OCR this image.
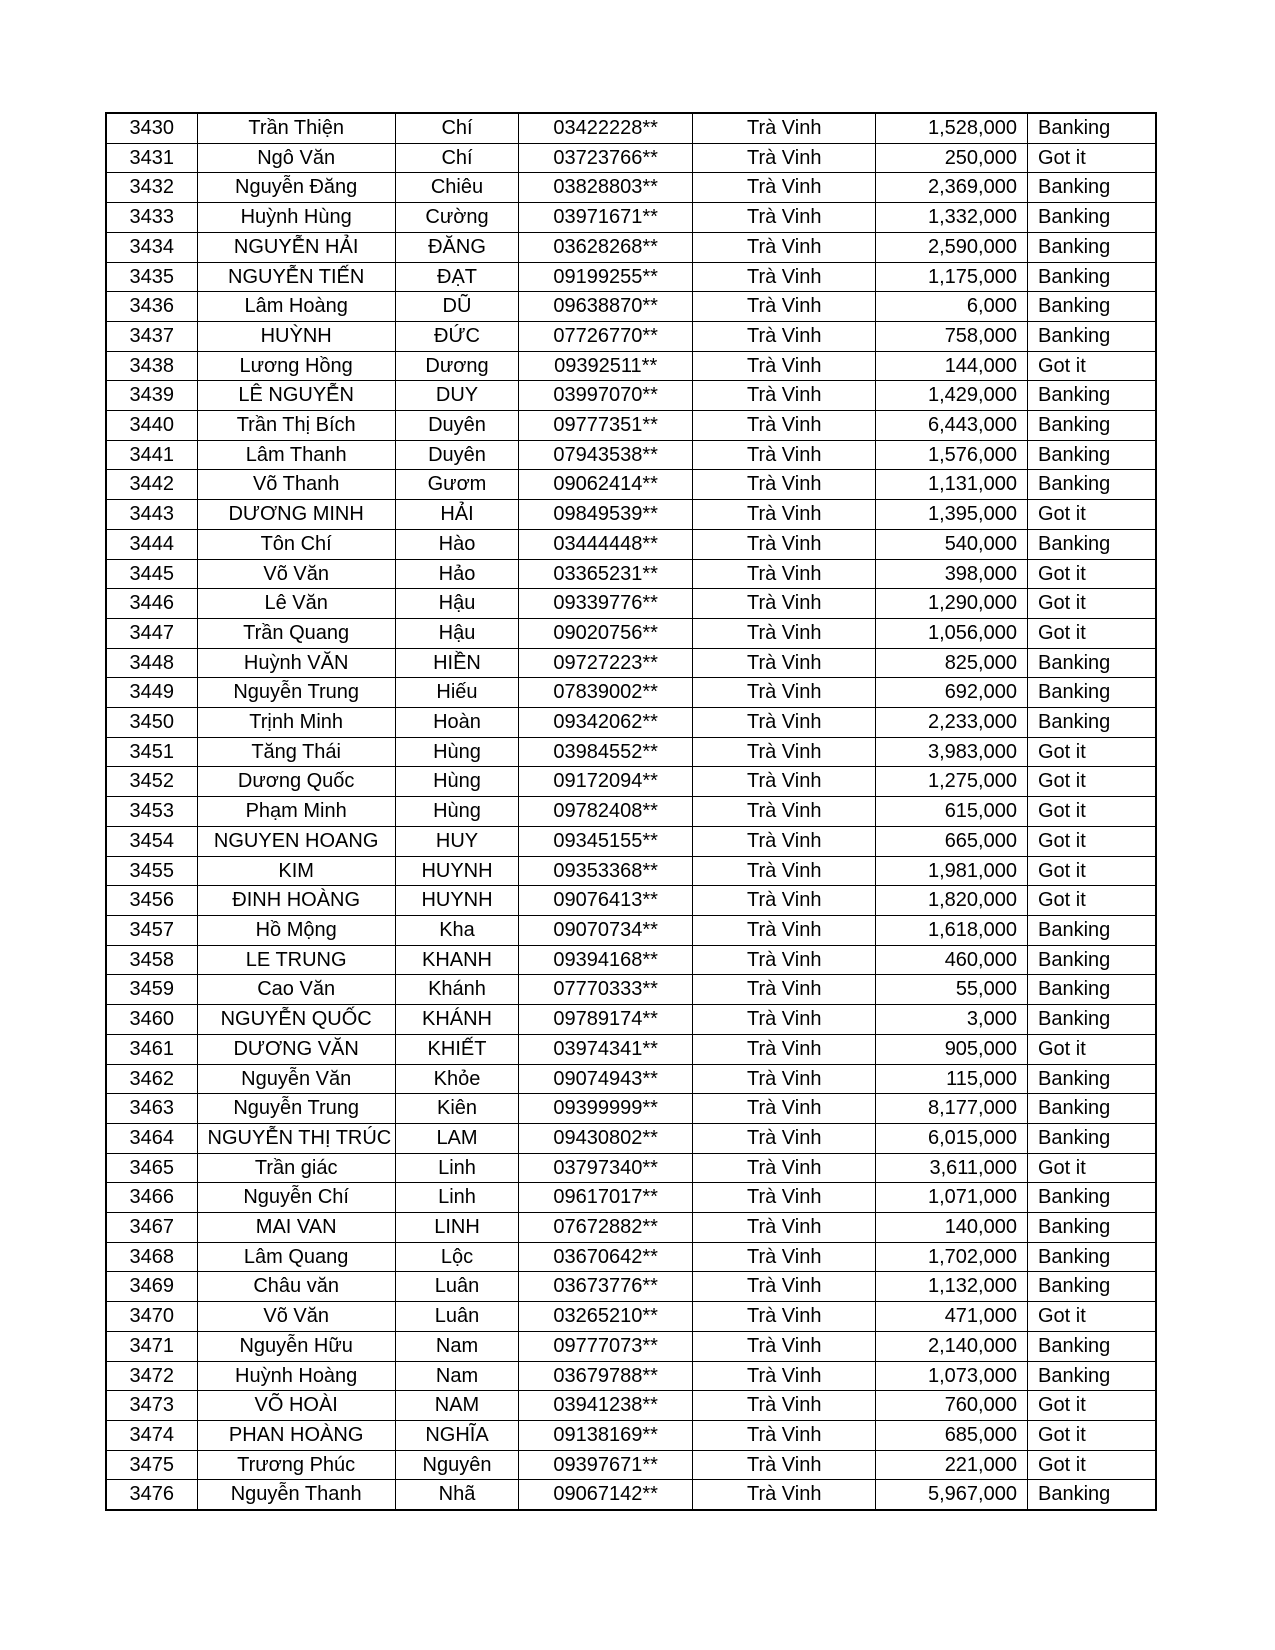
3430	Trần Thiện	Chí	03422228**	Trà Vinh	1,528,000	Banking
3431	Ngô Văn	Chí	03723766**	Trà Vinh	250,000	Got it
3432	Nguyễn Đăng	Chiêu	03828803**	Trà Vinh	2,369,000	Banking
3433	Huỳnh Hùng	Cường	03971671**	Trà Vinh	1,332,000	Banking
3434	NGUYỄN HẢI	ĐĂNG	03628268**	Trà Vinh	2,590,000	Banking
3435	NGUYỄN TIẾN	ĐẠT	09199255**	Trà Vinh	1,175,000	Banking
3436	Lâm Hoàng	DŨ	09638870**	Trà Vinh	6,000	Banking
3437	HUỲNH	ĐỨC	07726770**	Trà Vinh	758,000	Banking
3438	Lương Hồng	Dương	09392511**	Trà Vinh	144,000	Got it
3439	LÊ NGUYỄN	DUY	03997070**	Trà Vinh	1,429,000	Banking
3440	Trần Thị Bích	Duyên	09777351**	Trà Vinh	6,443,000	Banking
3441	Lâm Thanh	Duyên	07943538**	Trà Vinh	1,576,000	Banking
3442	Võ Thanh	Gươm	09062414**	Trà Vinh	1,131,000	Banking
3443	DƯƠNG MINH	HẢI	09849539**	Trà Vinh	1,395,000	Got it
3444	Tôn Chí	Hào	03444448**	Trà Vinh	540,000	Banking
3445	Võ Văn	Hảo	03365231**	Trà Vinh	398,000	Got it
3446	Lê Văn	Hậu	09339776**	Trà Vinh	1,290,000	Got it
3447	Trần Quang	Hậu	09020756**	Trà Vinh	1,056,000	Got it
3448	Huỳnh VĂN	HIỀN	09727223**	Trà Vinh	825,000	Banking
3449	Nguyễn Trung	Hiếu	07839002**	Trà Vinh	692,000	Banking
3450	Trịnh Minh	Hoàn	09342062**	Trà Vinh	2,233,000	Banking
3451	Tăng Thái	Hùng	03984552**	Trà Vinh	3,983,000	Got it
3452	Dương Quốc	Hùng	09172094**	Trà Vinh	1,275,000	Got it
3453	Phạm Minh	Hùng	09782408**	Trà Vinh	615,000	Got it
3454	NGUYEN HOANG	HUY	09345155**	Trà Vinh	665,000	Got it
3455	KIM	HUYNH	09353368**	Trà Vinh	1,981,000	Got it
3456	ĐINH HOÀNG	HUYNH	09076413**	Trà Vinh	1,820,000	Got it
3457	Hồ Mộng	Kha	09070734**	Trà Vinh	1,618,000	Banking
3458	LE TRUNG	KHANH	09394168**	Trà Vinh	460,000	Banking
3459	Cao Văn	Khánh	07770333**	Trà Vinh	55,000	Banking
3460	NGUYỄN QUỐC	KHÁNH	09789174**	Trà Vinh	3,000	Banking
3461	DƯƠNG VĂN	KHIẾT	03974341**	Trà Vinh	905,000	Got it
3462	Nguyễn Văn	Khỏe	09074943**	Trà Vinh	115,000	Banking
3463	Nguyễn Trung	Kiên	09399999**	Trà Vinh	8,177,000	Banking
3464	NGUYỄN THỊ TRÚC	LAM	09430802**	Trà Vinh	6,015,000	Banking
3465	Trần giác	Linh	03797340**	Trà Vinh	3,611,000	Got it
3466	Nguyễn Chí	Linh	09617017**	Trà Vinh	1,071,000	Banking
3467	MAI VAN	LINH	07672882**	Trà Vinh	140,000	Banking
3468	Lâm Quang	Lộc	03670642**	Trà Vinh	1,702,000	Banking
3469	Châu văn	Luân	03673776**	Trà Vinh	1,132,000	Banking
3470	Võ Văn	Luân	03265210**	Trà Vinh	471,000	Got it
3471	Nguyễn Hữu	Nam	09777073**	Trà Vinh	2,140,000	Banking
3472	Huỳnh Hoàng	Nam	03679788**	Trà Vinh	1,073,000	Banking
3473	VÕ HOÀI	NAM	03941238**	Trà Vinh	760,000	Got it
3474	PHAN HOÀNG	NGHĨA	09138169**	Trà Vinh	685,000	Got it
3475	Trương Phúc	Nguyên	09397671**	Trà Vinh	221,000	Got it
3476	Nguyễn Thanh	Nhã	09067142**	Trà Vinh	5,967,000	Banking
